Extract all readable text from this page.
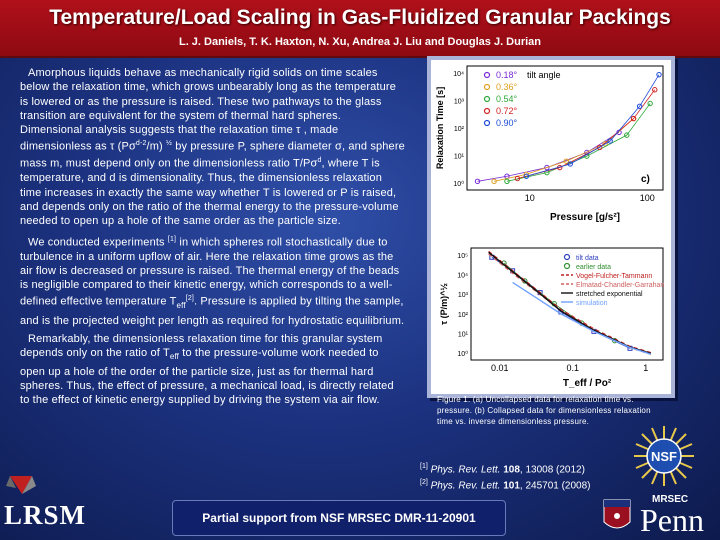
Temperature/Load Scaling in Gas-Fluidized Granular Packings
L. J. Daniels, T. K. Haxton, N. Xu, Andrea J. Liu and Douglas J. Durian

Amorphous liquids behave as mechanically rigid solids on time scales below the relaxation time, which grows unbearably long as the temperature is lowered or as the pressure is raised. These two pathways to the glass transition are equivalent for the system of thermal hard spheres. Dimensional analysis suggests that the relaxation time τ , made dimensionless as τ $(P\sigma^{d-2}/m)$ $^{\frac{1}{2}}$ by pressure P, sphere diameter σ, and sphere mass m, must depend only on the dimensionless ratio $T/P\sigma^d$, where T is temperature, and d is dimensionality. Thus, the dimensionless relaxation time increases in exactly the same way whether T is lowered or P is raised, and depends only on the ratio of the thermal energy to the pressure-volume needed to open up a hole of the same order as the particle size.

We conducted experiments [1] in which spheres roll stochastically due to turbulence in a uniform upflow of air. Here the relaxation time grows as the air flow is decreased or pressure is raised. The thermal energy of the beads is negligible compared to their kinetic energy, which corresponds to a well-defined effective temperature $T_{eff}[2]$. Pressure is applied by tilting the sample, and is the projected weight per length as required for hydrostatic equilibrium.

Remarkably, the dimensionless relaxation time for this granular system depends only on the ratio of $T_{eff}$ to the pressure-volume work needed to open up a hole of the order of the particle size, just as for thermal hard spheres. Thus, the effect of pressure, a mechanical load, is directly related to the effect of kinetic energy supplied by driving the system via air flow.

10	100
10⁴
10³
10²
10¹
10⁰
Pressure [g/s²]
Relaxation Time [s]
0.18°
0.36°
0.54°
0.72°
0.90°
tilt angle
c)
0.01	0.1	1
10⁵
10⁴
10³
10²
10¹
10⁰
T_eff / Po²
τ (P/m)^½
tilt data
earlier data
Vogel-Fulcher-Tammann
Elmatad-Chandler-Garrahan
stretched exponential
simulation
Figure 1. (a) Uncollapsed data for relaxation time vs. pressure. (b) Collapsed data for dimensionless relaxation time vs. inverse dimensionless pressure.
[1] Phys. Rev. Lett. 108, 13008 (2012)
[2] Phys. Rev. Lett. 101, 245701 (2008)
Partial support from NSF MRSEC DMR-11-20901
LRSM
NSF
MRSEC
Penn
